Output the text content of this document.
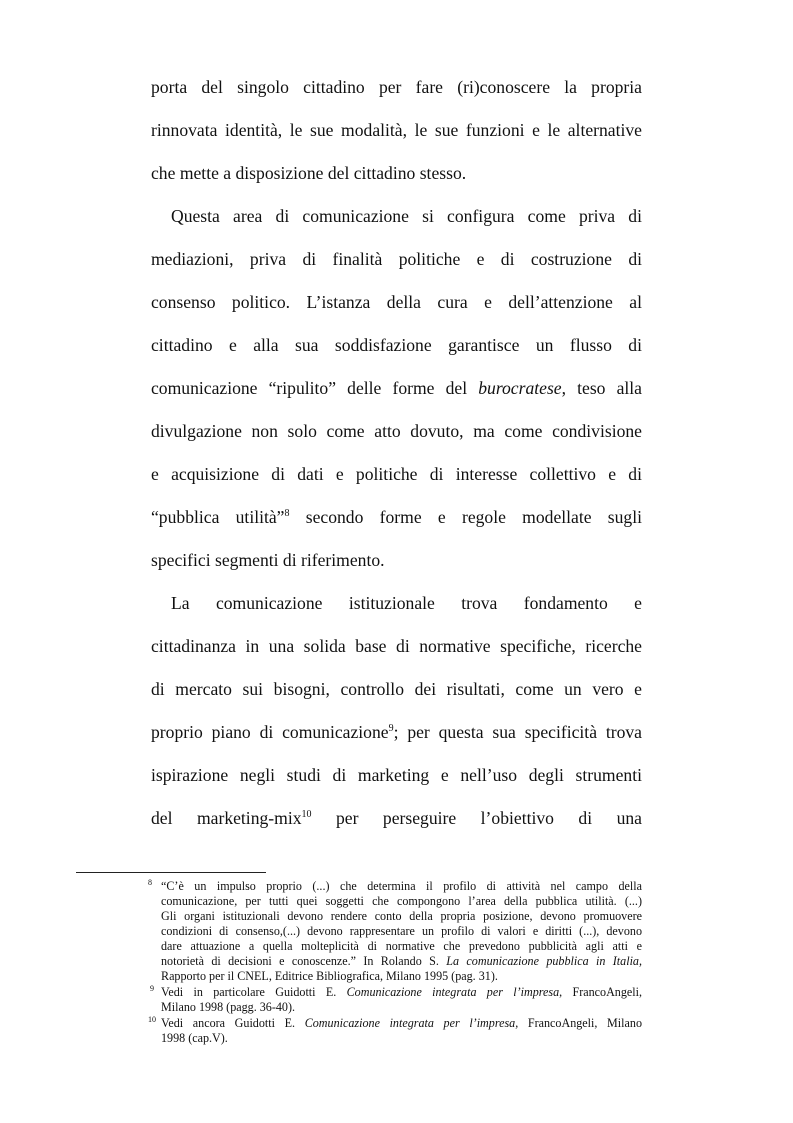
porta del singolo cittadino per fare (ri)conoscere la propria
rinnovata identità, le sue modalità, le sue funzioni e le alternative
che mette a disposizione del cittadino stesso.
Questa area di comunicazione si configura come priva di
mediazioni, priva di finalità politiche e di costruzione di
consenso politico. L’istanza della cura e dell’attenzione al
cittadino e alla sua soddisfazione garantisce un flusso di
comunicazione “ripulito” delle forme del burocratese, teso alla
divulgazione non solo come atto dovuto, ma come condivisione
e acquisizione di dati e politiche di interesse collettivo e di
“pubblica utilità”$^8$ secondo forme e regole modellate sugli
specifici segmenti di riferimento.
La comunicazione istituzionale trova fondamento e
cittadinanza in una solida base di normative specifiche, ricerche
di mercato sui bisogni, controllo dei risultati, come un vero e
proprio piano di comunicazione$^9$; per questa sua specificità trova
ispirazione negli studi di marketing e nell’uso degli strumenti
del marketing-mix$^{10}$ per perseguire l’obiettivo di una
8 “C’è un impulso proprio (...) che determina il profilo di attività nel campo della
comunicazione, per tutti quei soggetti che compongono l’area della pubblica utilità. (...)
Gli organi istituzionali devono rendere conto della propria posizione, devono promuovere
condizioni di consenso,(...) devono rappresentare un profilo di valori e diritti (...), devono
dare attuazione a quella molteplicità di normative che prevedono pubblicità agli atti e
notorietà di decisioni e conoscenze.” In Rolando S. La comunicazione pubblica in Italia,
Rapporto per il CNEL, Editrice Bibliografica, Milano 1995 (pag. 31).
9 Vedi in particolare Guidotti E. Comunicazione integrata per l’impresa, FrancoAngeli,
Milano 1998 (pagg. 36-40).
10 Vedi ancora Guidotti E. Comunicazione integrata per l’impresa, FrancoAngeli, Milano
1998 (cap.V).
